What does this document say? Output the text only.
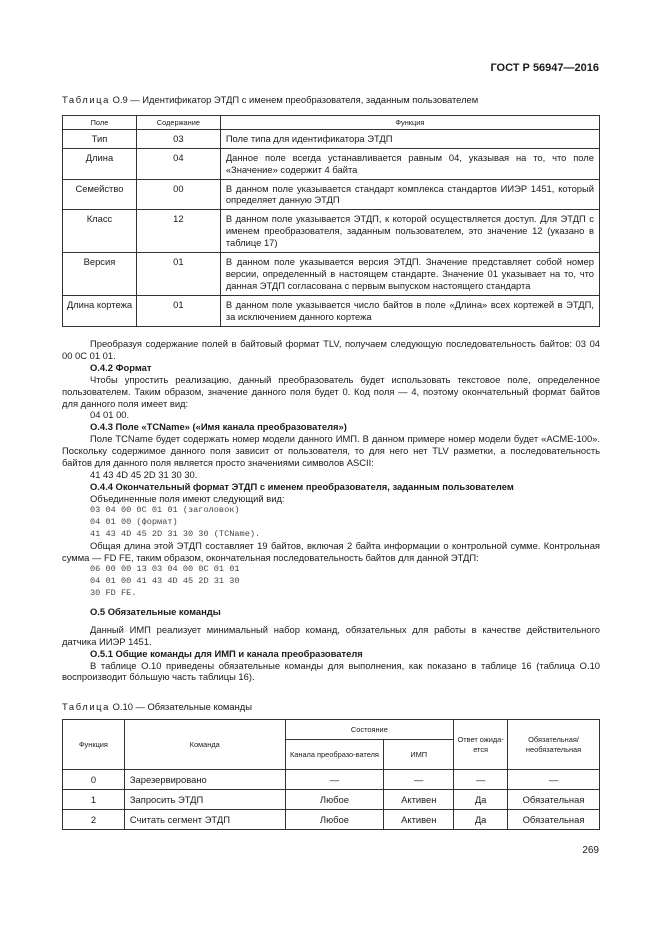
ГОСТ Р 56947—2016
Таблица О.9 — Идентификатор ЭТДП с именем преобразователя, заданным пользователем
Поле	Содержание	Функция
Тип	03	Поле типа для идентификатора ЭТДП
Длина	04	Данное поле всегда устанавливается равным 04, указывая на то, что поле «Значение» содержит 4 байта
Семейство	00	В данном поле указывается стандарт комплекса стандартов ИИЭР 1451, который определяет данную ЭТДП
Класс	12	В данном поле указывается ЭТДП, к которой осуществляется доступ. Для ЭТДП с именем преобразователя, заданным пользователем, это значение 12 (указано в таблице 17)
Версия	01	В данном поле указывается версия ЭТДП. Значение представляет собой номер версии, определенный в настоящем стандарте. Значение 01 указывает на то, что данная ЭТДП согласована с первым выпуском настоящего стандарта
Длина кортежа	01	В данном поле указывается число байтов в поле «Длина» всех кортежей в ЭТДП, за исключением данного кортежа

Преобразуя содержание полей в байтовый формат TLV, получаем следующую последовательность байтов: 03 04 00 0C 01 01.

О.4.2 Формат

Чтобы упростить реализацию, данный преобразователь будет использовать текстовое поле, определенное пользователем. Таким образом, значение данного поля будет 0. Код поля — 4, поэтому окончательный формат байтов для данного поля имеет вид:

04 01 00.

О.4.3 Поле «TCName» («Имя канала преобразователя»)

Поле TCName будет содержать номер модели данного ИМП. В данном примере номер модели будет «ACME-100». Поскольку содержимое данного поля зависит от пользователя, то для него нет TLV разметки, а последовательность байтов для данного поля является просто значениями символов ASCII:

41 43 4D 45 2D 31 30 30.

О.4.4 Окончательный формат ЭТДП с именем преобразователя, заданным пользователем

Объединенные поля имеют следующий вид:

03 04 00 0C 01 01 (заголовок)

04 01 00 (формат)

41 43 4D 45 2D 31 30 30 (TCName).

Общая длина этой ЭТДП составляет 19 байтов, включая 2 байта информации о контрольной сумме. Контрольная сумма — FD FE, таким образом, окончательная последовательность байтов для данной ЭТДП:

06 00 00 13 03 04 00 0C 01 01

04 01 00 41 43 4D 45 2D 31 30

30 FD FE.

О.5 Обязательные команды

Данный ИМП реализует минимальный набор команд, обязательных для работы в качестве действительного датчика ИИЭР 1451.

О.5.1 Общие команды для ИМП и канала преобразователя

В таблице О.10 приведены обязательные команды для выполнения, как показано в таблице 16 (таблица О.10 воспроизводит бо́льшую часть таблицы 16).

Таблица О.10 — Обязательные команды
Функция	Команда	Состояние		Ответ ожида-ется	Обязательная/ необязательная
		Канала преобразо-вателя	ИМП		
0	Зарезервировано	—	—	—	—
1	Запросить ЭТДП	Любое	Активен	Да	Обязательная
2	Считать сегмент ЭТДП	Любое	Активен	Да	Обязательная
269
